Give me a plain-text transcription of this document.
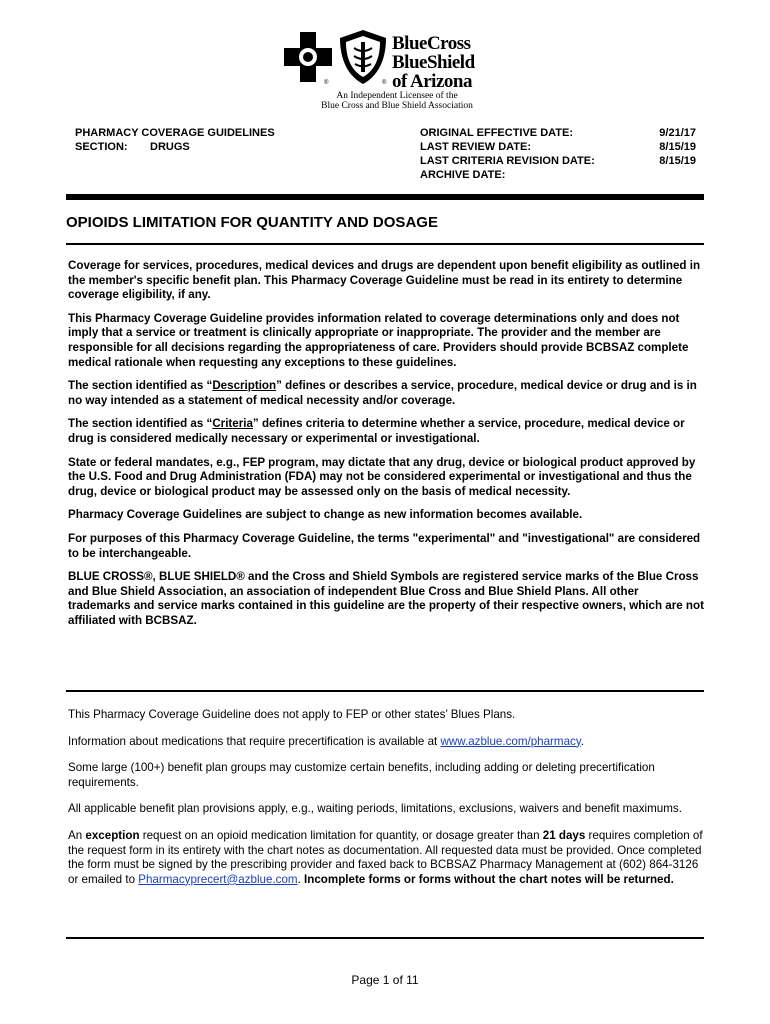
®	®
BlueCross
BlueShield
of Arizona
An Independent Licensee of the
Blue Cross and Blue Shield Association
PHARMACY COVERAGE GUIDELINES
SECTION:	DRUGS
ORIGINAL EFFECTIVE DATE:
LAST REVIEW DATE:
LAST CRITERIA REVISION DATE:
ARCHIVE DATE:
9/21/17
8/15/19
8/15/19
OPIOIDS LIMITATION FOR QUANTITY AND DOSAGE

Coverage for services, procedures, medical devices and drugs are dependent upon benefit eligibility as outlined in the member's specific benefit plan. This Pharmacy Coverage Guideline must be read in its entirety to determine coverage eligibility, if any.

This Pharmacy Coverage Guideline provides information related to coverage determinations only and does not imply that a service or treatment is clinically appropriate or inappropriate. The provider and the member are responsible for all decisions regarding the appropriateness of care. Providers should provide BCBSAZ complete medical rationale when requesting any exceptions to these guidelines.

The section identified as “Description” defines or describes a service, procedure, medical device or drug and is in no way intended as a statement of medical necessity and/or coverage.

The section identified as “Criteria” defines criteria to determine whether a service, procedure, medical device or drug is considered medically necessary or experimental or investigational.

State or federal mandates, e.g., FEP program, may dictate that any drug, device or biological product approved by the U.S. Food and Drug Administration (FDA) may not be considered experimental or investigational and thus the drug, device or biological product may be assessed only on the basis of medical necessity.

Pharmacy Coverage Guidelines are subject to change as new information becomes available.

For purposes of this Pharmacy Coverage Guideline, the terms "experimental" and "investigational" are considered to be interchangeable.

BLUE CROSS®, BLUE SHIELD® and the Cross and Shield Symbols are registered service marks of the Blue Cross and Blue Shield Association, an association of independent Blue Cross and Blue Shield Plans. All other trademarks and service marks contained in this guideline are the property of their respective owners, which are not affiliated with BCBSAZ.

This Pharmacy Coverage Guideline does not apply to FEP or other states’ Blues Plans.

Information about medications that require precertification is available at www.azblue.com/pharmacy.

Some large (100+) benefit plan groups may customize certain benefits, including adding or deleting precertification requirements.

All applicable benefit plan provisions apply, e.g., waiting periods, limitations, exclusions, waivers and benefit maximums.

An exception request on an opioid medication limitation for quantity, or dosage greater than 21 days requires completion of the request form in its entirety with the chart notes as documentation. All requested data must be provided. Once completed the form must be signed by the prescribing provider and faxed back to BCBSAZ Pharmacy Management at (602) 864-3126 or emailed to Pharmacyprecert@azblue.com. Incomplete forms or forms without the chart notes will be returned.

Page 1 of 11
